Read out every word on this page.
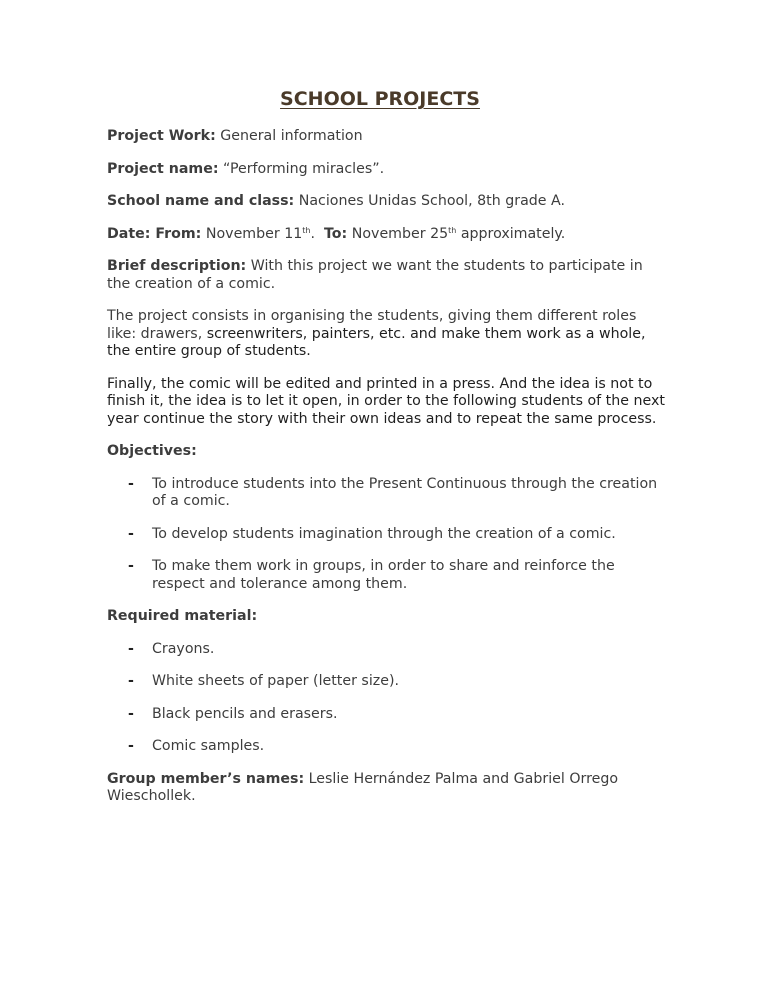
SCHOOL PROJECTS

Project Work: General information

Project name: “Performing miracles”.

School name and class: Naciones Unidas School, 8th grade A.

Date: From: November 11th. To: November 25th approximately.

Brief description: With this project we want the students to participate in the creation of a comic.

The project consists in organising the students, giving them different roles like: drawers, screenwriters, painters, etc. and make them work as a whole, the entire group of students.

Finally, the comic will be edited and printed in a press. And the idea is not to finish it, the idea is to let it open, in order to the following students of the next year continue the story with their own ideas and to repeat the same process.

Objectives:

- To introduce students into the Present Continuous through the creation of a comic.
- To develop students imagination through the creation of a comic.
- To make them work in groups, in order to share and reinforce the respect and tolerance among them.

Required material:

- Crayons.
- White sheets of paper (letter size).
- Black pencils and erasers.
- Comic samples.

Group member’s names: Leslie Hernández Palma and Gabriel Orrego Wieschollek.
